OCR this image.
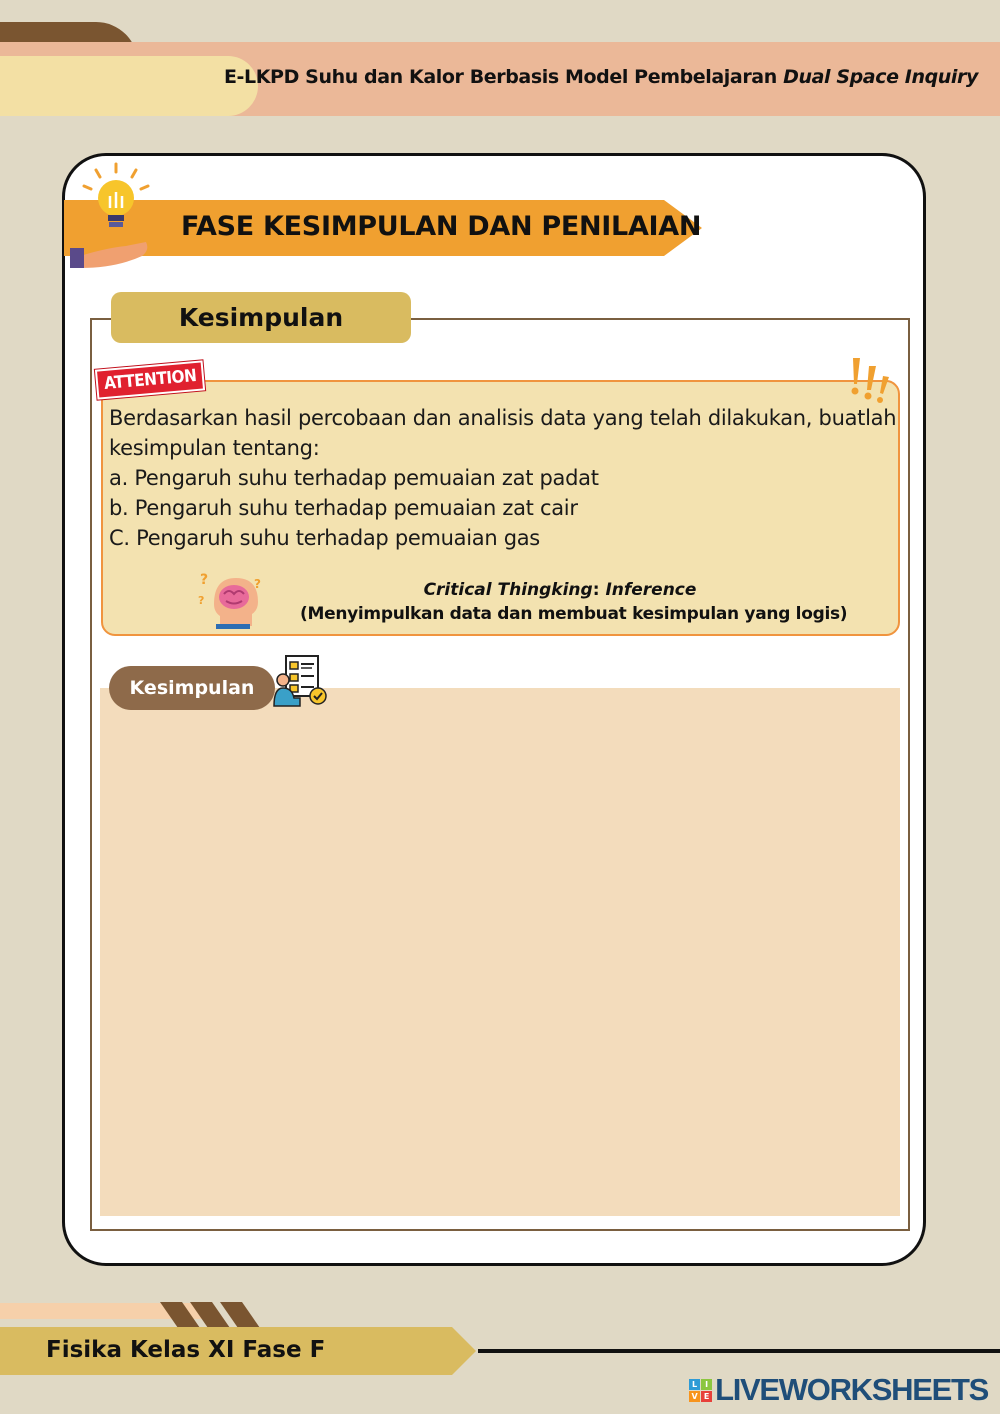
E-LKPD Suhu dan Kalor Berbasis Model Pembelajaran Dual Space Inquiry
FASE KESIMPULAN DAN PENILAIAN
Kesimpulan
ATTENTION

Berdasarkan hasil percobaan dan analisis data yang telah dilakukan, buatlah kesimpulan tentang:

a. Pengaruh suhu terhadap pemuaian zat padat

b. Pengaruh suhu terhadap pemuaian zat cair

C. Pengaruh suhu terhadap pemuaian gas

?	?
?
Critical Thingking: Inference
(Menyimpulkan data dan membuat kesimpulan yang logis)
Kesimpulan
Fisika Kelas XI Fase F
L I
V E LIVEWORKSHEETS
